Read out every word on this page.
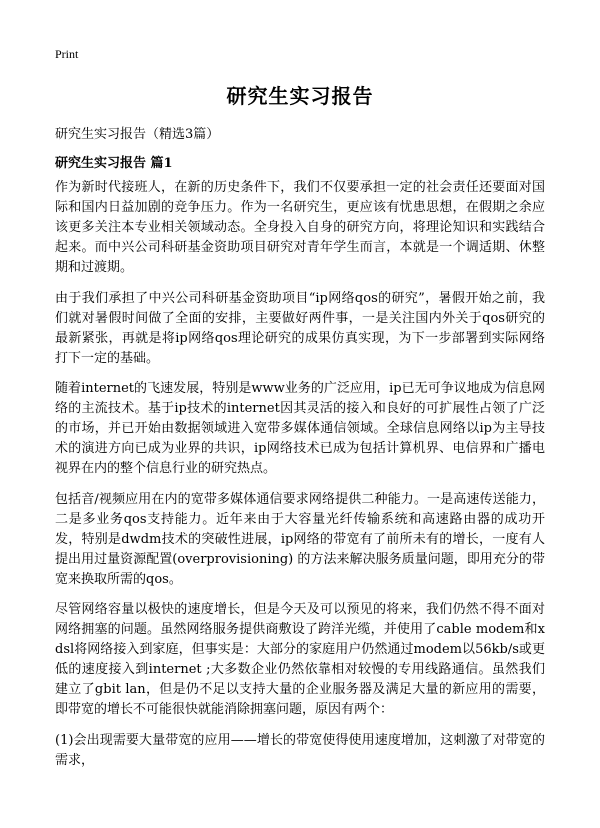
Print
研究生实习报告
研究生实习报告（精选3篇）
研究生实习报告 篇1

作为新时代接班人，在新的历史条件下，我们不仅要承担一定的社会责任还要面对国际和国内日益加剧的竞争压力。作为一名研究生，更应该有忧患思想，在假期之余应该更多关注本专业相关领域动态。全身投入自身的研究方向，将理论知识和实践结合起来。而中兴公司科研基金资助项目研究对青年学生而言，本就是一个调适期、休整期和过渡期。

由于我们承担了中兴公司科研基金资助项目“ip网络qos的研究”，暑假开始之前，我们就对暑假时间做了全面的安排，主要做好两件事，一是关注国内外关于qos研究的最新紧张，再就是将ip网络qos理论研究的成果仿真实现，为下一步部署到实际网络打下一定的基础。

随着internet的飞速发展，特别是www业务的广泛应用，ip已无可争议地成为信息网络的主流技术。基于ip技术的internet因其灵活的接入和良好的可扩展性占领了广泛的市场，并已开始由数据领域进入宽带多媒体通信领域。全球信息网络以ip为主导技术的演进方向已成为业界的共识，ip网络技术已成为包括计算机界、电信界和广播电视界在内的整个信息行业的研究热点。

包括音/视频应用在内的宽带多媒体通信要求网络提供二种能力。一是高速传送能力，二是多业务qos支持能力。近年来由于大容量光纤传输系统和高速路由器的成功开发，特别是dwdm技术的突破性进展，ip网络的带宽有了前所未有的增长，一度有人提出用过量资源配置(overprovisioning) 的方法来解决服务质量问题，即用充分的带宽来换取所需的qos。

尽管网络容量以极快的速度增长，但是今天及可以预见的将来，我们仍然不得不面对网络拥塞的问题。虽然网络服务提供商敷设了跨洋光缆，并使用了cable modem和xdsl将网络接入到家庭，但事实是：大部分的家庭用户仍然通过modem以56kb/s或更低的速度接入到internet ;大多数企业仍然依靠相对较慢的专用线路通信。虽然我们建立了gbit lan，但是仍不足以支持大量的企业服务器及满足大量的新应用的需要，即带宽的增长不可能很快就能消除拥塞问题，原因有两个：

(1)会出现需要大量带宽的应用——增长的带宽使得使用速度增加，这刺激了对带宽的需求，
